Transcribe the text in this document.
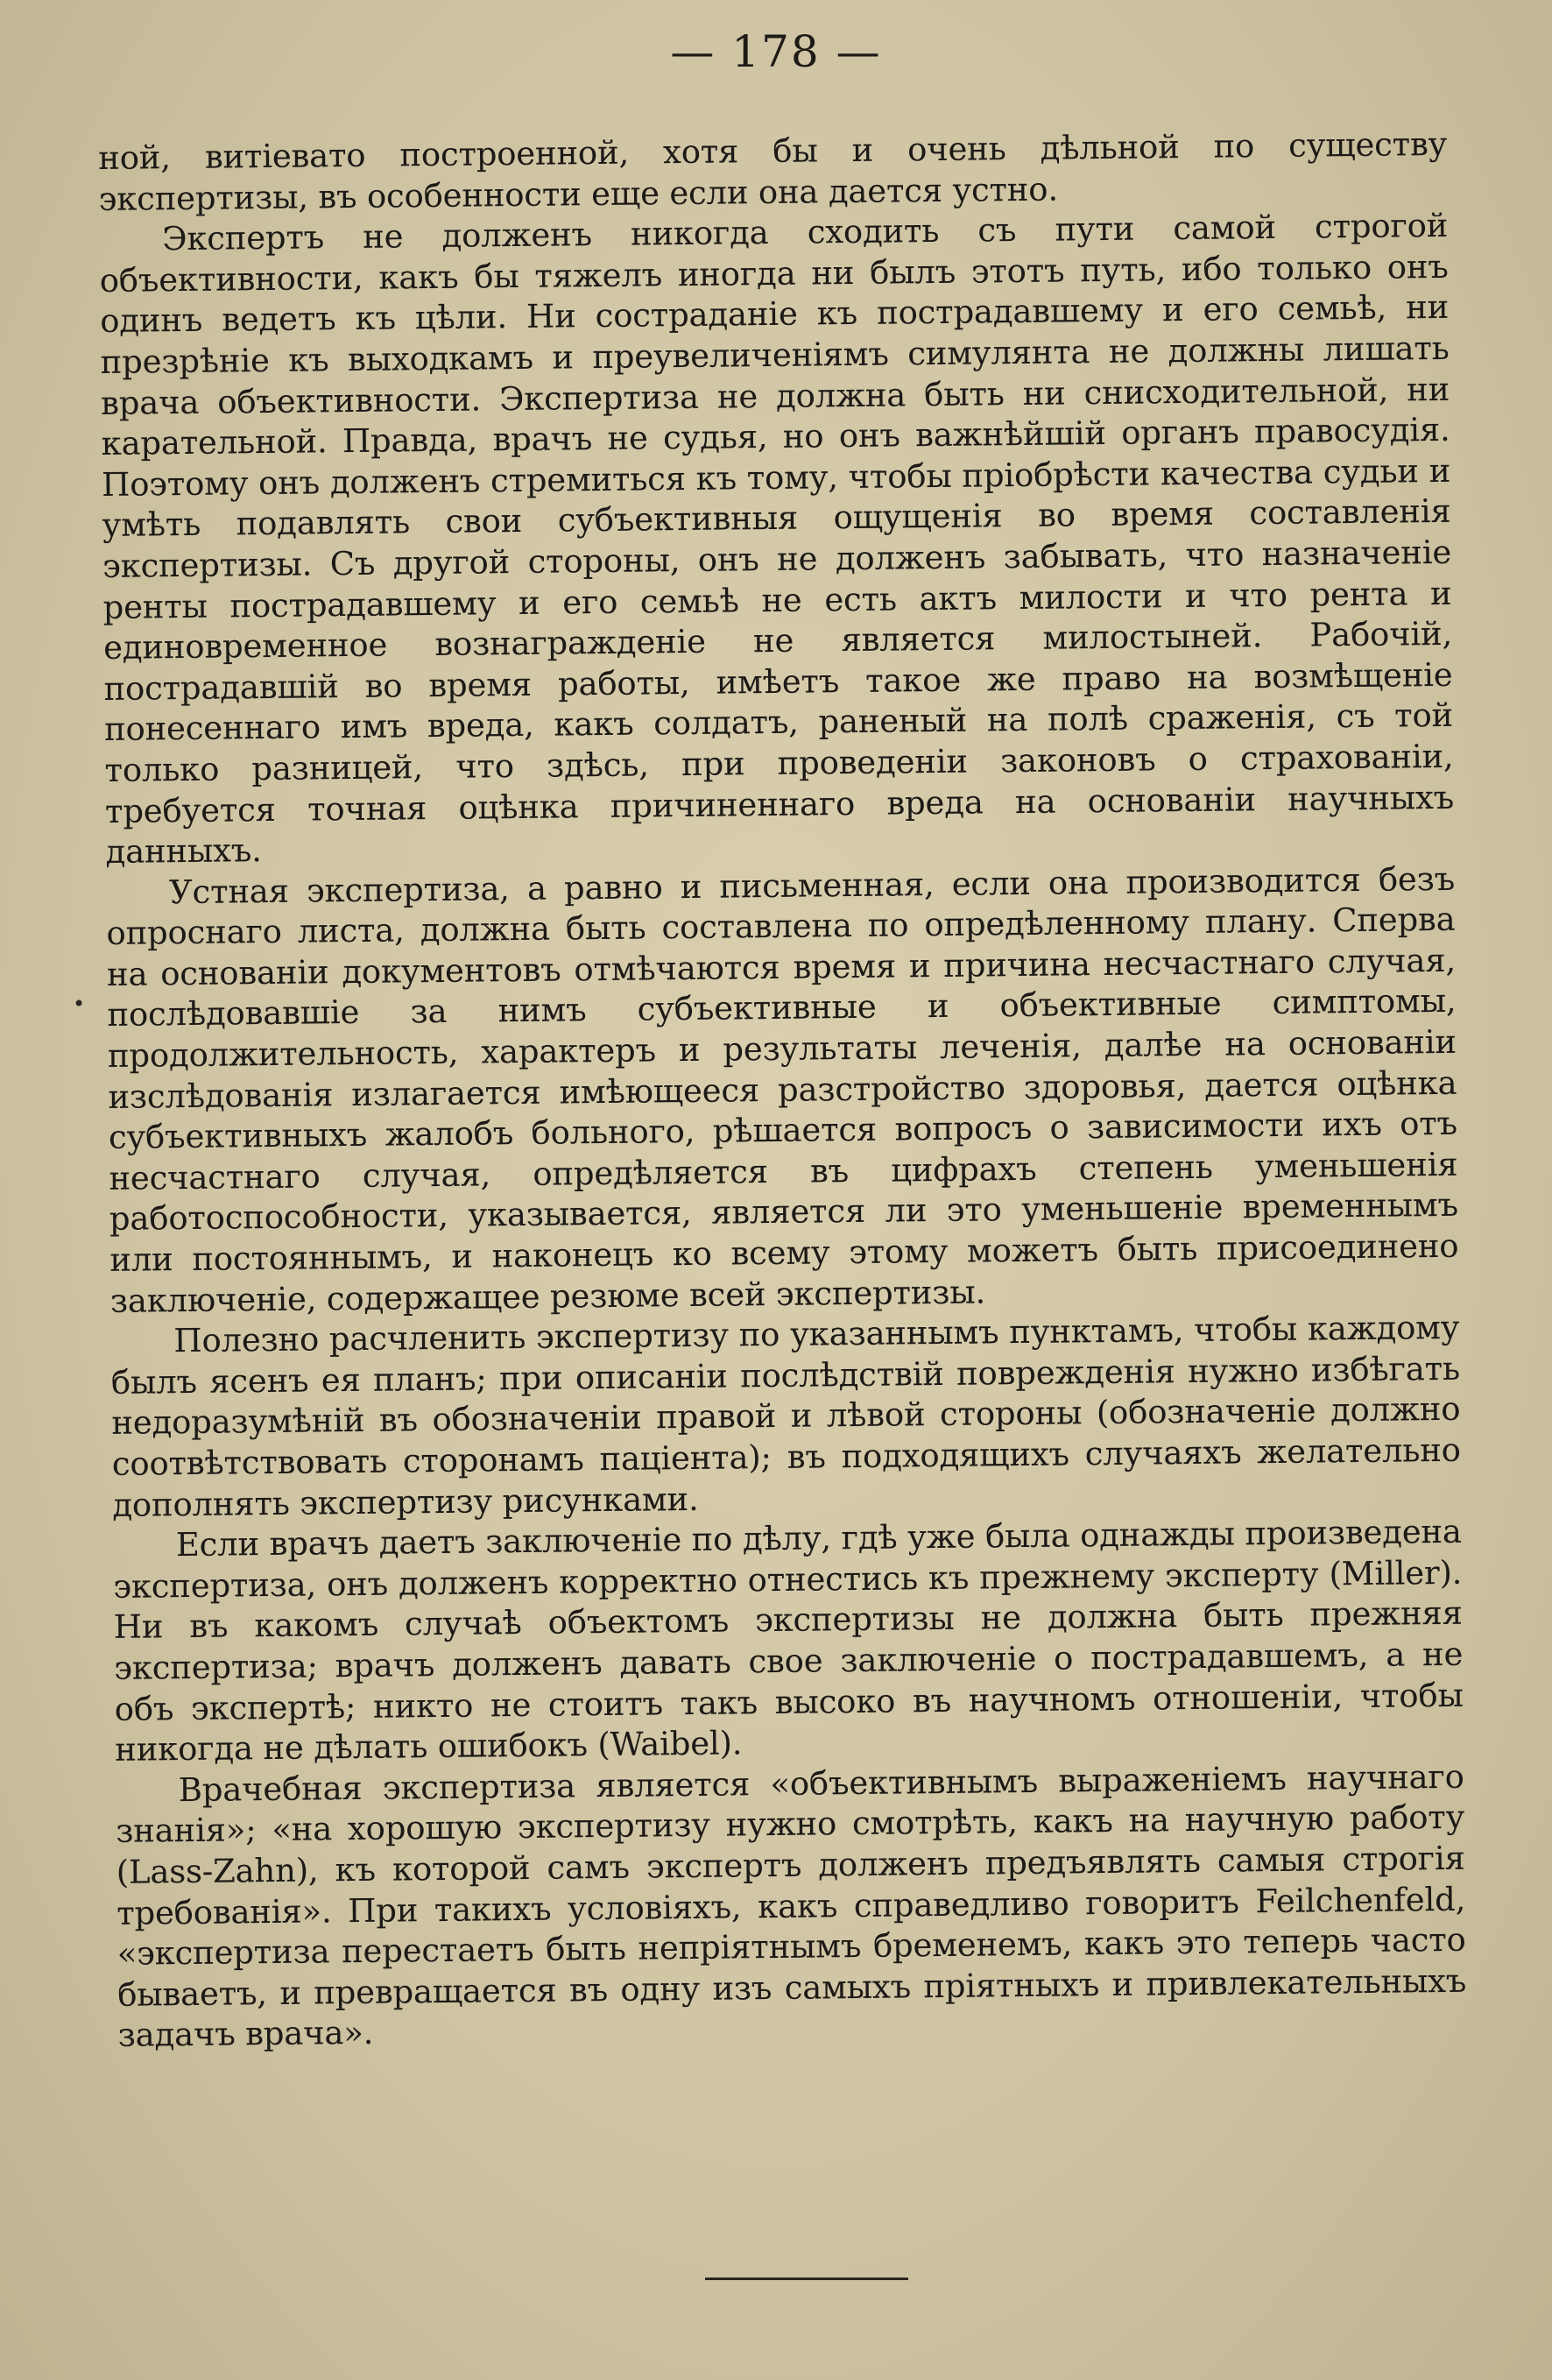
— 178 —
•

ной, витіевато построенной, хотя бы и очень дѣльной по существу экспертизы, въ особенности еще если она дается устно.

Экспертъ не долженъ никогда сходить съ пути самой строгой объективности, какъ бы тяжелъ иногда ни былъ этотъ путь, ибо только онъ одинъ ведетъ къ цѣли. Ни состраданіе къ пострадавшему и его семьѣ, ни презрѣніе къ выходкамъ и преувеличеніямъ симулянта не должны лишать врача объективности. Экспертиза не должна быть ни снисходительной, ни карательной. Правда, врачъ не судья, но онъ важнѣйшій органъ правосудія. Поэтому онъ долженъ стремиться къ тому, чтобы пріобрѣсти качества судьи и умѣть подавлять свои субъективныя ощущенія во время составленія экспертизы. Съ другой стороны, онъ не долженъ забывать, что назначеніе ренты пострадавшему и его семьѣ не есть актъ милости и что рента и единовременное вознагражденіе не является милостыней. Рабочій, пострадавшій во время работы, имѣетъ такое же право на возмѣщеніе понесеннаго имъ вреда, какъ солдатъ, раненый на полѣ сраженія, съ той только разницей, что здѣсь, при проведеніи законовъ о страхованіи, требуется точная оцѣнка причиненнаго вреда на основаніи научныхъ данныхъ.

Устная экспертиза, а равно и письменная, если она производится безъ опроснаго листа, должна быть составлена по опредѣленному плану. Сперва на основаніи документовъ отмѣчаются время и причина несчастнаго случая, послѣдовавшіе за нимъ субъективные и объективные симптомы, продолжительность, характеръ и результаты леченія, далѣе на основаніи изслѣдованія излагается имѣющееся разстройство здоровья, дается оцѣнка субъективныхъ жалобъ больного, рѣшается вопросъ о зависимости ихъ отъ несчастнаго случая, опредѣляется въ цифрахъ степень уменьшенія работоспособности, указывается, является ли это уменьшеніе временнымъ или постояннымъ, и наконецъ ко всему этому можетъ быть присоединено заключеніе, содержащее резюме всей экспертизы.

Полезно расчленить экспертизу по указаннымъ пунктамъ, чтобы каждому былъ ясенъ ея планъ; при описаніи послѣдствій поврежденія нужно избѣгать недоразумѣній въ обозначеніи правой и лѣвой стороны (обозначеніе должно соотвѣтствовать сторонамъ паціента); въ подходящихъ случаяхъ желательно дополнять экспертизу рисунками.

Если врачъ даетъ заключеніе по дѣлу, гдѣ уже была однажды произведена экспертиза, онъ долженъ корректно отнестись къ прежнему эксперту (Miller). Ни въ какомъ случаѣ объектомъ экспертизы не должна быть прежняя экспертиза; врачъ долженъ давать свое заключеніе о пострадавшемъ, а не объ экспертѣ; никто не стоитъ такъ высоко въ научномъ отношеніи, чтобы никогда не дѣлать ошибокъ (Waibel).

Врачебная экспертиза является «объективнымъ выраженіемъ научнаго знанія»; «на хорошую экспертизу нужно смотрѣть, какъ на научную работу (Lass-Zahn), къ которой самъ экспертъ долженъ предъявлять самыя строгія требованія». При такихъ условіяхъ, какъ справедливо говоритъ Feilchenfeld, «экспертиза перестаетъ быть непріятнымъ бременемъ, какъ это теперь часто бываетъ, и превращается въ одну изъ самыхъ пріятныхъ и привлекательныхъ задачъ врача».
